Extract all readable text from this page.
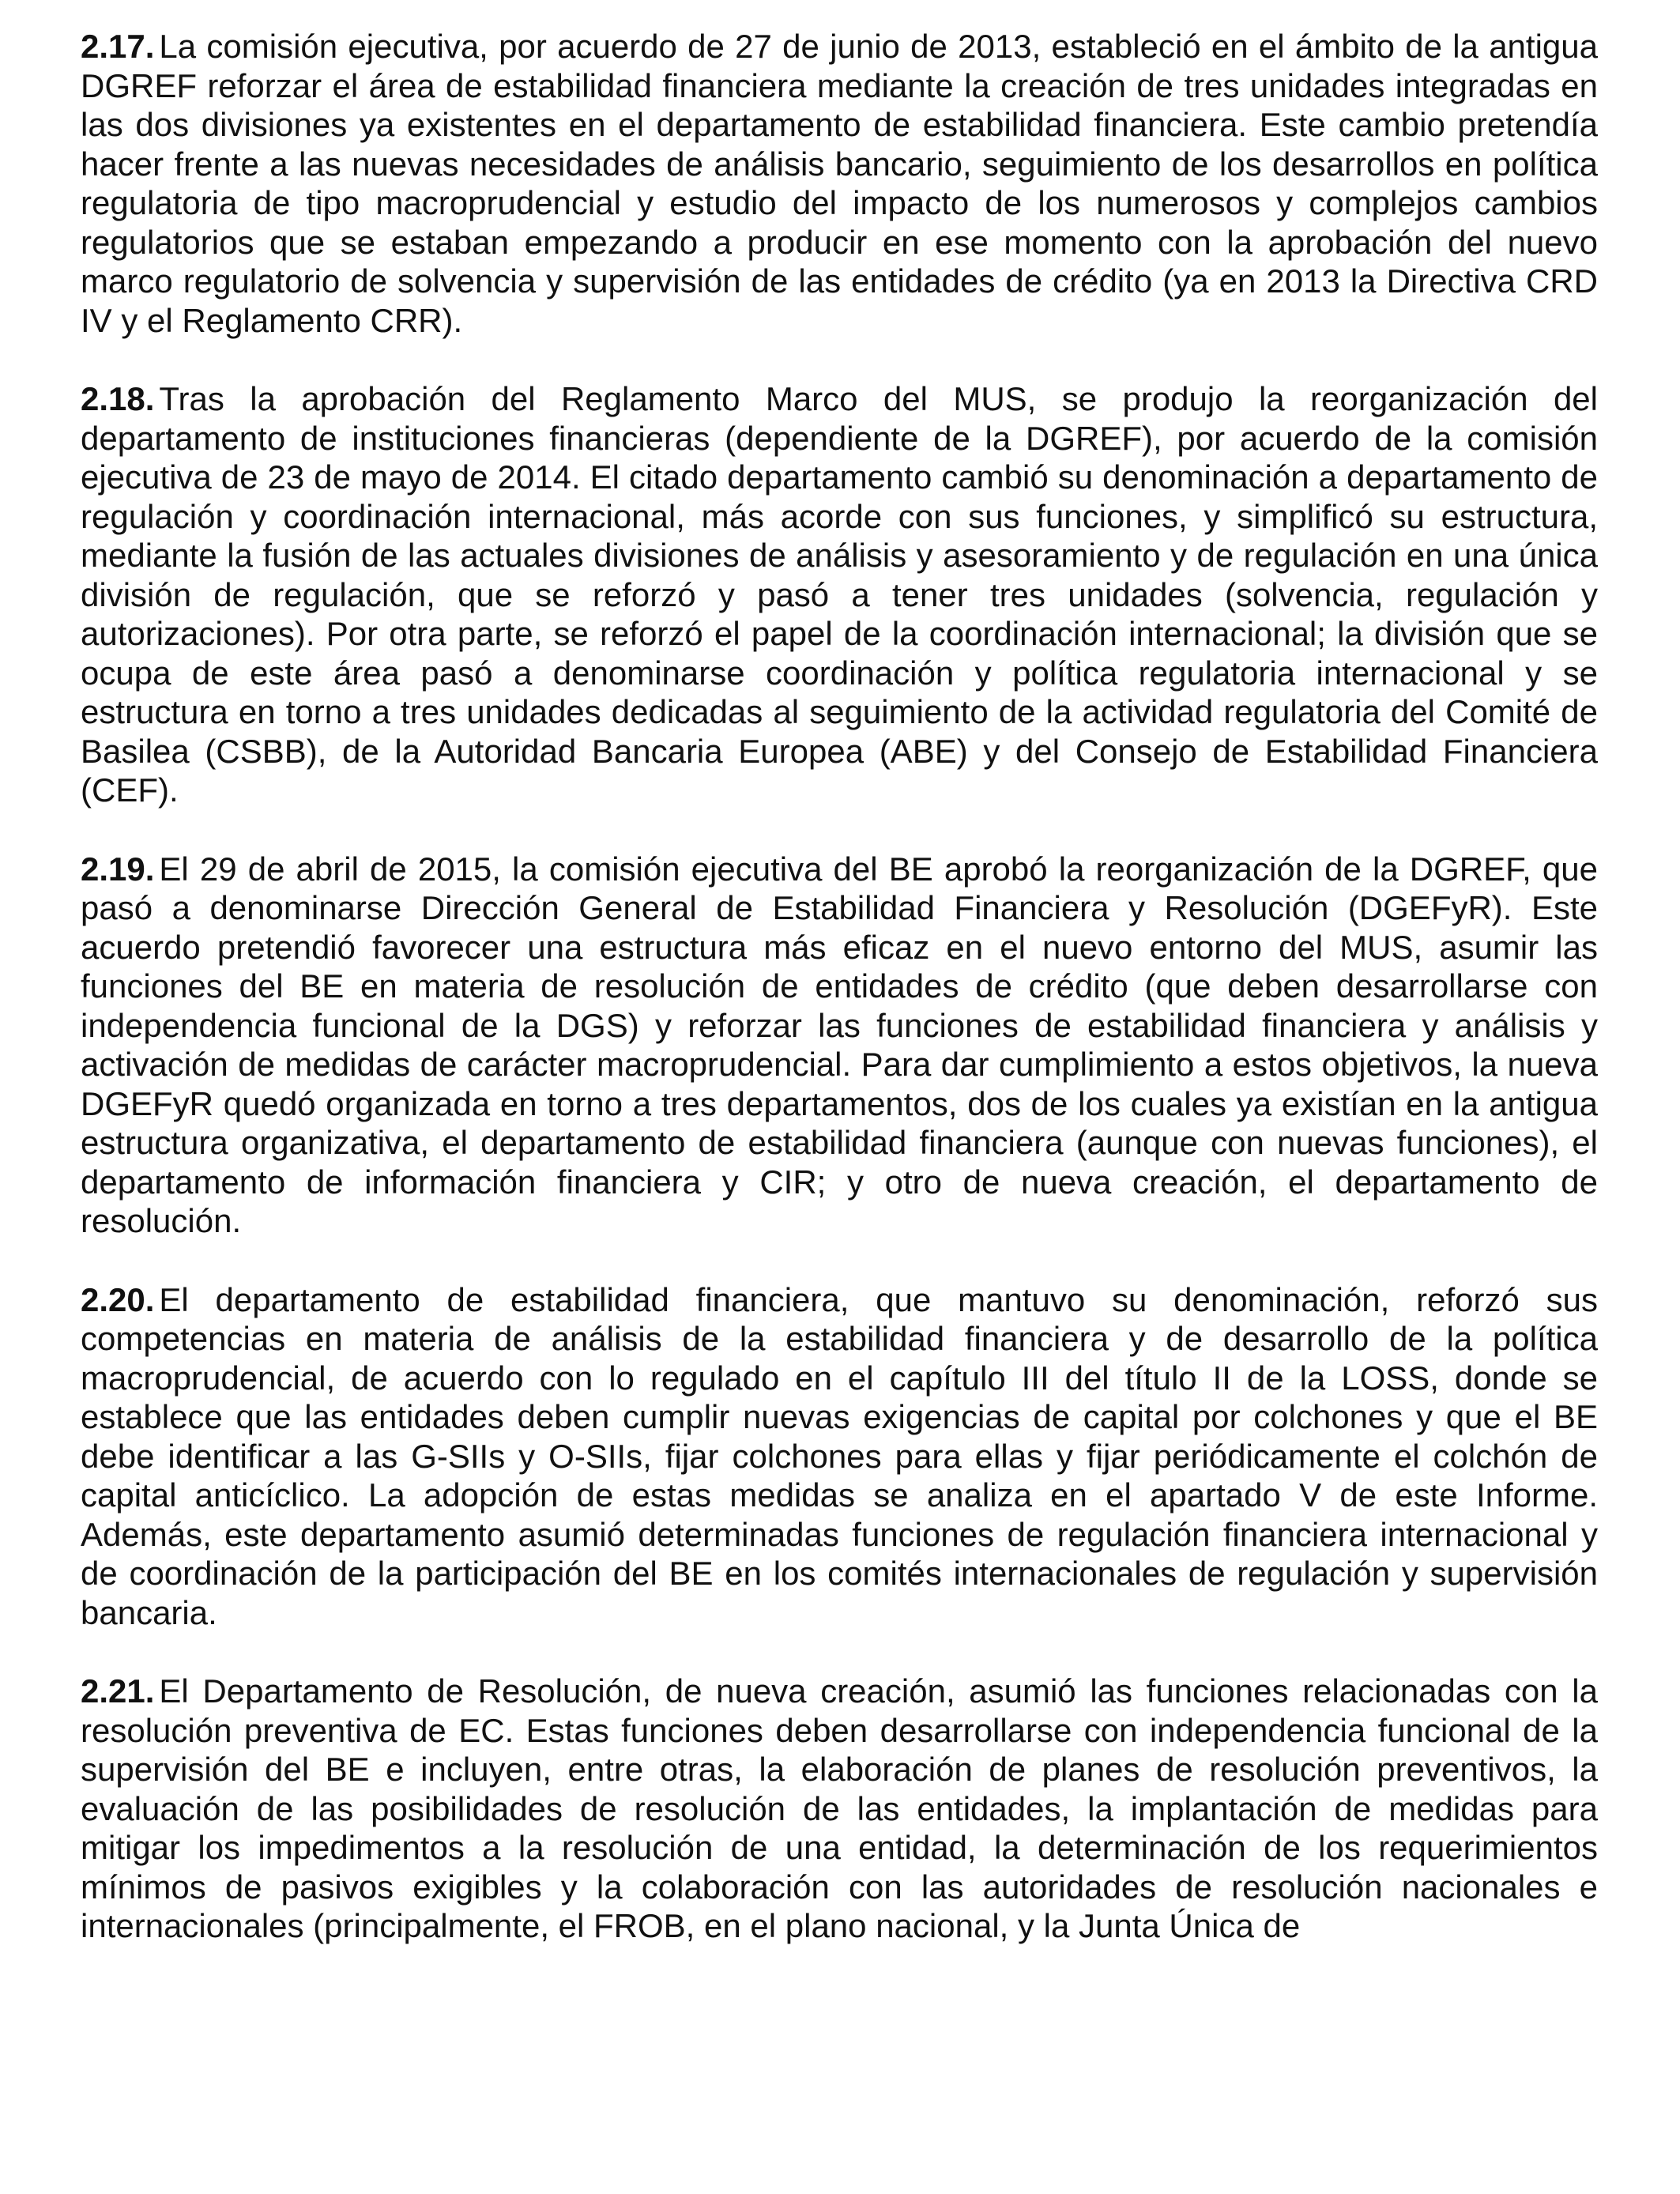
2.17. La comisión ejecutiva, por acuerdo de 27 de junio de 2013, estableció en el ámbito de la antigua DGREF reforzar el área de estabilidad financiera mediante la creación de tres unidades integradas en las dos divisiones ya existentes en el departamento de estabilidad financiera. Este cambio pretendía hacer frente a las nuevas necesidades de análisis bancario, seguimiento de los desarrollos en política regulatoria de tipo macroprudencial y estudio del impacto de los numerosos y complejos cambios regulatorios que se estaban empezando a producir en ese momento con la aprobación del nuevo marco regulatorio de solvencia y supervisión de las entidades de crédito (ya en 2013 la Directiva CRD IV y el Reglamento CRR).

2.18. Tras la aprobación del Reglamento Marco del MUS, se produjo la reorganización del departamento de instituciones financieras (dependiente de la DGREF), por acuerdo de la comisión ejecutiva de 23 de mayo de 2014. El citado departamento cambió su denominación a departamento de regulación y coordinación internacional, más acorde con sus funciones, y simplificó su estructura, mediante la fusión de las actuales divisiones de análisis y asesoramiento y de regulación en una única división de regulación, que se reforzó y pasó a tener tres unidades (solvencia, regulación y autorizaciones). Por otra parte, se reforzó el papel de la coordinación internacional; la división que se ocupa de este área pasó a denominarse coordinación y política regulatoria internacional y se estructura en torno a tres unidades dedicadas al seguimiento de la actividad regulatoria del Comité de Basilea (CSBB), de la Autoridad Bancaria Europea (ABE) y del Consejo de Estabilidad Financiera (CEF).

2.19. El 29 de abril de 2015, la comisión ejecutiva del BE aprobó la reorganización de la DGREF, que pasó a denominarse Dirección General de Estabilidad Financiera y Resolución (DGEFyR). Este acuerdo pretendió favorecer una estructura más eficaz en el nuevo entorno del MUS, asumir las funciones del BE en materia de resolución de entidades de crédito (que deben desarrollarse con independencia funcional de la DGS) y reforzar las funciones de estabilidad financiera y análisis y activación de medidas de carácter macroprudencial. Para dar cumplimiento a estos objetivos, la nueva DGEFyR quedó organizada en torno a tres departamentos, dos de los cuales ya existían en la antigua estructura organizativa, el departamento de estabilidad financiera (aunque con nuevas funciones), el departamento de información financiera y CIR; y otro de nueva creación, el departamento de resolución.

2.20. El departamento de estabilidad financiera, que mantuvo su denominación, reforzó sus competencias en materia de análisis de la estabilidad financiera y de desarrollo de la política macroprudencial, de acuerdo con lo regulado en el capítulo III del título II de la LOSS, donde se establece que las entidades deben cumplir nuevas exigencias de capital por colchones y que el BE debe identificar a las G-SIIs y O-SIIs, fijar colchones para ellas y fijar periódicamente el colchón de capital anticíclico. La adopción de estas medidas se analiza en el apartado V de este Informe. Además, este departamento asumió determinadas funciones de regulación financiera internacional y de coordinación de la participación del BE en los comités internacionales de regulación y supervisión bancaria.

2.21. El Departamento de Resolución, de nueva creación, asumió las funciones relacionadas con la resolución preventiva de EC. Estas funciones deben desarrollarse con independencia funcional de la supervisión del BE e incluyen, entre otras, la elaboración de planes de resolución preventivos, la evaluación de las posibilidades de resolución de las entidades, la implantación de medidas para mitigar los impedimentos a la resolución de una entidad, la determinación de los requerimientos mínimos de pasivos exigibles y la colaboración con las autoridades de resolución nacionales e internacionales (principalmente, el FROB, en el plano nacional, y la Junta Única de
